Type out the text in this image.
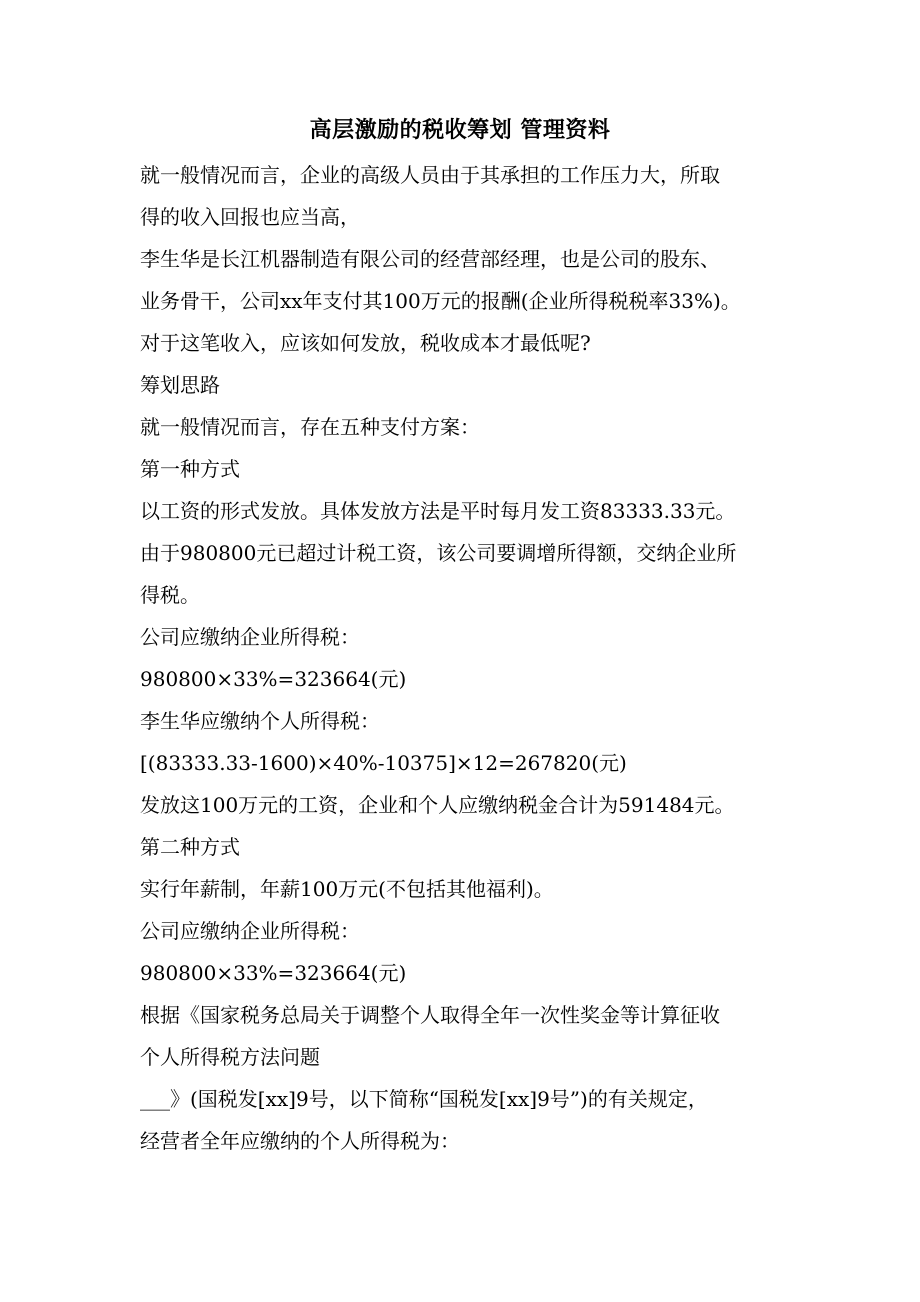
高层激励的税收筹划 管理资料
就一般情况而言，企业的高级人员由于其承担的工作压力大，所取
得的收入回报也应当高，
李生华是长江机器制造有限公司的经营部经理，也是公司的股东、
业务骨干，公司xx年支付其100万元的报酬(企业所得税税率33%)。
对于这笔收入，应该如何发放，税收成本才最低呢?
筹划思路
就一般情况而言，存在五种支付方案：
第一种方式
以工资的形式发放。具体发放方法是平时每月发工资83333.33元。
由于980800元已超过计税工资，该公司要调增所得额，交纳企业所
得税。
公司应缴纳企业所得税：
980800×33%=323664(元)
李生华应缴纳个人所得税：
[(83333.33-1600)×40%-10375]×12=267820(元)
发放这100万元的工资，企业和个人应缴纳税金合计为591484元。
第二种方式
实行年薪制，年薪100万元(不包括其他福利)。
公司应缴纳企业所得税：
980800×33%=323664(元)
根据《国家税务总局关于调整个人取得全年一次性奖金等计算征收
个人所得税方法问题
___》(国税发[xx]9号，以下简称“国税发[xx]9号”)的有关规定，
经营者全年应缴纳的个人所得税为：
